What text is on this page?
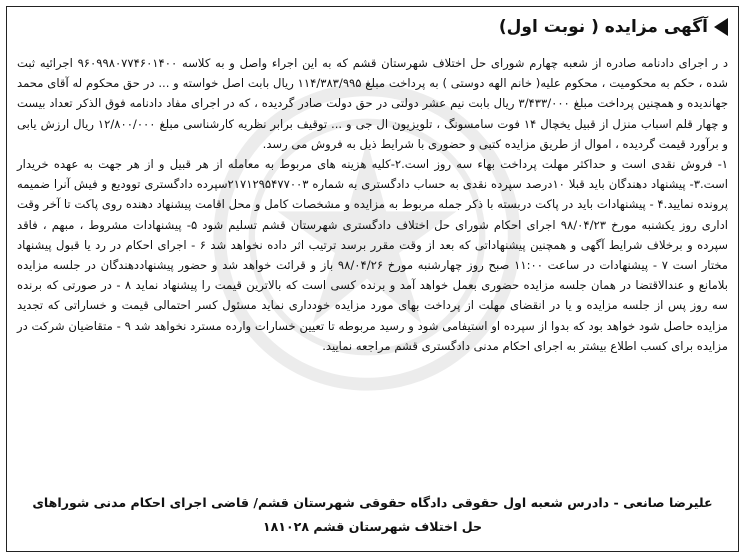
آگهی مزایده ( نوبت اول)

د ر اجرای دادنامه صادره از شعبه چهارم شورای حل اختلاف شهرستان قشم که به این اجراء واصل و به کلاسه ۹۶۰۹۹۸۰۷۷۴۶۰۱۴۰۰ اجرائیه ثبت شده ، حکم به محکومیت ، محکوم علیه( خانم الهه دوستی ) به پرداخت مبلغ ۱۱۴/۳۸۳/۹۹۵ ریال بابت اصل خواسته و ... در حق محکوم له آقای محمد جهاندیده و همچنین پرداخت مبلغ ۳/۴۳۳/۰۰۰ ریال بابت نیم عشر دولتی در حق دولت صادر گردیده ، که در اجرای مفاد دادنامه فوق الذکر تعداد بیست و چهار قلم اسباب منزل از قبیل یخچال ۱۴ فوت سامسونگ ، تلویزیون ال جی و ... توقیف برابر نظریه کارشناسی مبلغ ۱۲/۸۰۰/۰۰۰ ریال ارزش یابی و برآورد قیمت گردیده ، اموال از طریق مزایده کتبی و حضوری با شرایط ذیل به فروش می رسد.

۱- فروش نقدی است و حداکثر مهلت پرداخت بهاء سه روز است.۲-کلیه هزینه های مربوط به معامله از هر قبیل و از هر جهت به عهده خریدار است.۳- پیشنهاد دهندگان باید قبلا ۱۰درصد سپرده نقدی به حساب دادگستری به شماره ۲۱۷۱۲۹۵۴۷۷۰۰۳سپرده دادگستری توودیع و فیش آنرا ضمیمه پرونده نمایید.۴ - پیشنهادات باید در پاکت دربسته با ذکر جمله مربوط به مزایده و مشخصات کامل و محل اقامت پیشنهاد دهنده روی پاکت تا آخر وقت اداری روز یکشنبه مورخ ۹۸/۰۴/۲۳ اجرای احکام شورای حل اختلاف دادگستری شهرستان قشم تسلیم شود ۵- پیشنهادات مشروط ، مبهم ، فاقد سپرده و برخلاف شرایط آگهی و همچنین پیشنهاداتی که بعد از وقت مقرر برسد ترتیب اثر داده نخواهد شد ۶ - اجرای احکام در رد یا قبول پیشنهاد مختار است ۷ - پیشنهادات در ساعت ۱۱:۰۰ صبح روز چهارشنبه مورخ ۹۸/۰۴/۲۶ باز و قرائت خواهد شد و حضور پیشنهاددهندگان در جلسه مزایده بلامانع و عندالاقتضا در همان جلسه مزایده حضوری بعمل خواهد آمد و برنده کسی است که بالاترین قیمت را پیشنهاد نماید ۸ - در صورتی که برنده سه روز پس از جلسه مزایده و یا در انقضای مهلت از پرداخت بهای مورد مزایده خودداری نماید مسئول کسر احتمالی قیمت و خساراتی که تجدید مزایده حاصل شود خواهد بود که بدوا از سپرده او استیفامی شود و رسید مربوطه تا تعیین خسارات وارده مسترد نخواهد شد ۹ - متقاضیان شرکت در مزایده برای کسب اطلاع بیشتر به اجرای احکام مدنی دادگستری قشم مراجعه نمایید.

علیرضا صانعی - دادرس شعبه اول حقوقی دادگاه حقوقی شهرستان قشم/ قاضی اجرای احکام مدنی شوراهای

حل اختلاف شهرستان قشم ۱۸۱۰۲۸
